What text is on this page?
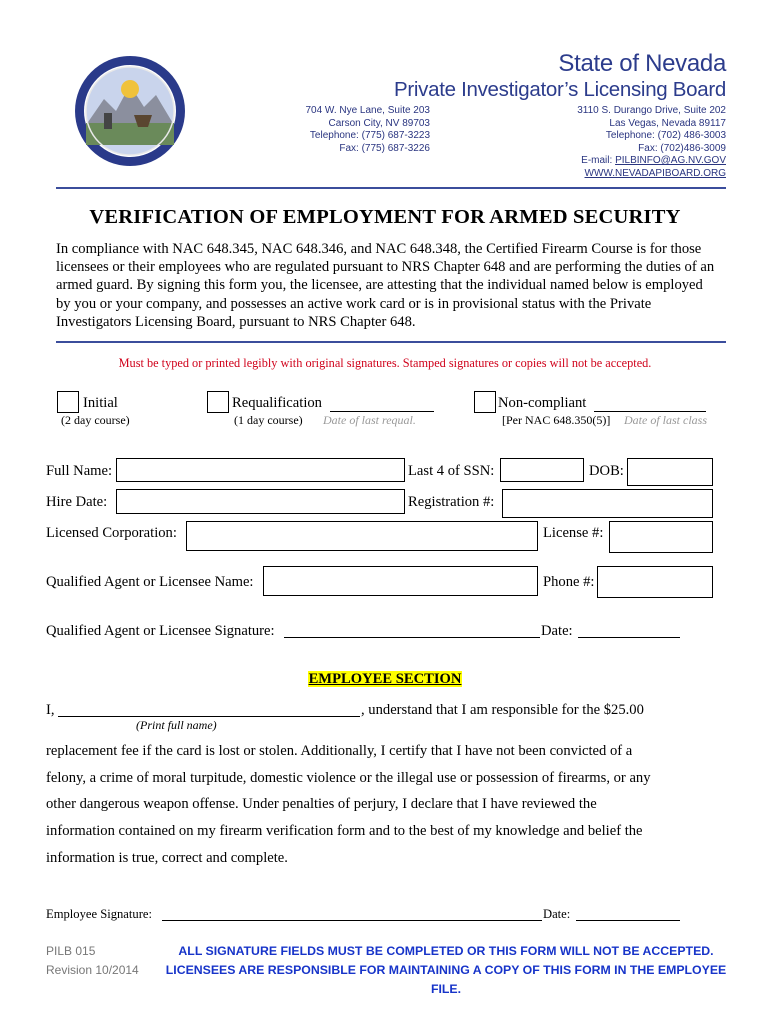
State of Nevada
Private Investigator’s Licensing Board
704 W. Nye Lane, Suite 203
Carson City, NV 89703
Telephone: (775) 687-3223
Fax: (775) 687-3226
3110 S. Durango Drive, Suite 202
Las Vegas, Nevada 89117
Telephone: (702) 486-3003
Fax: (702)486-3009
E-mail: PILBINFO@AG.NV.GOV
WWW.NEVADAPIBOARD.ORG
VERIFICATION OF EMPLOYMENT FOR ARMED SECURITY
In compliance with NAC 648.345, NAC 648.346, and NAC 648.348, the Certified Firearm Course is for those licensees or their employees who are regulated pursuant to NRS Chapter 648 and are performing the duties of an armed guard. By signing this form you, the licensee, are attesting that the individual named below is employed by you or your company, and possesses an active work card or is in provisional status with the Private Investigators Licensing Board, pursuant to NRS Chapter 648.
Must be typed or printed legibly with original signatures. Stamped signatures or copies will not be accepted.
Initial
(2 day course)
Requalification
(1 day course) Date of last requal.
Non-compliant
[Per NAC 648.350(5)] Date of last class
Full Name:	Last 4 of SSN:	DOB:
Hire Date:	Registration #:
Licensed Corporation:	License #:
Qualified Agent or Licensee Name:	Phone #:
Qualified Agent or Licensee Signature:	Date:
EMPLOYEE SECTION
I,	, understand that I am responsible for the $25.00
(Print full name)
replacement fee if the card is lost or stolen. Additionally, I certify that I have not been convicted of a
felony, a crime of moral turpitude, domestic violence or the illegal use or possession of firearms, or any
other dangerous weapon offense. Under penalties of perjury, I declare that I have reviewed the
information contained on my firearm verification form and to the best of my knowledge and belief the
information is true, correct and complete.
Employee Signature:	Date:
PILB 015
Revision 10/2014
ALL SIGNATURE FIELDS MUST BE COMPLETED OR THIS FORM WILL NOT BE ACCEPTED.
LICENSEES ARE RESPONSIBLE FOR MAINTAINING A COPY OF THIS FORM IN THE EMPLOYEE FILE.
